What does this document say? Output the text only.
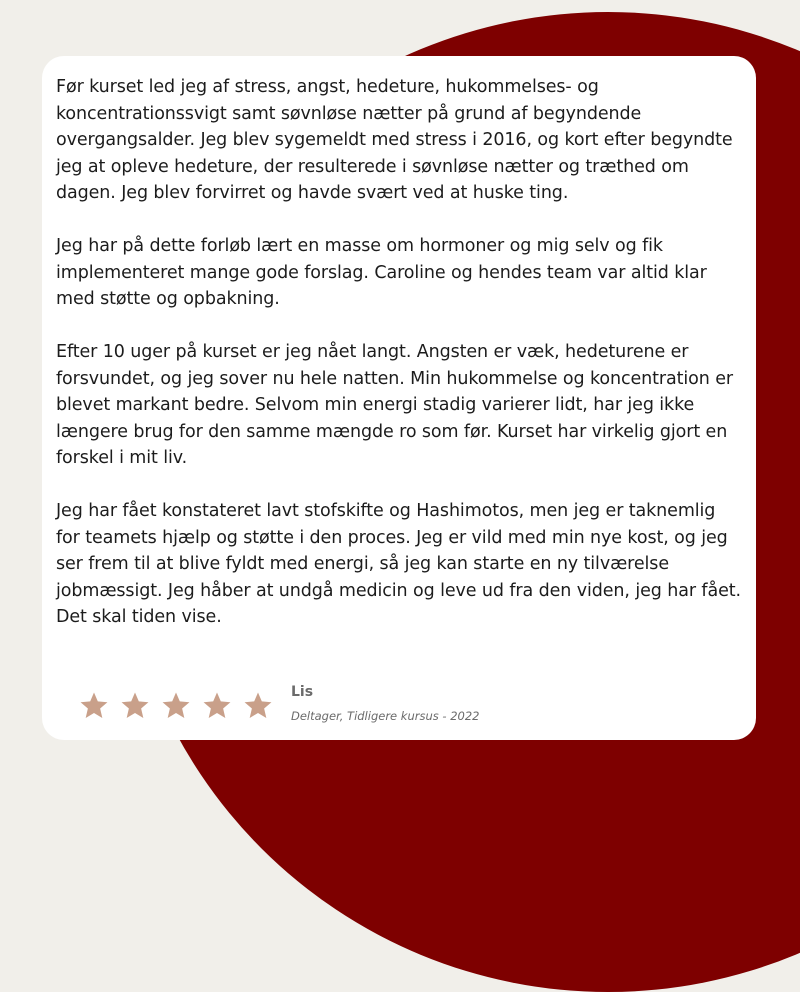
Før kurset led jeg af stress, angst, hedeture, hukommelses- og koncentrationssvigt samt søvnløse nætter på grund af begyndende overgangsalder. Jeg blev sygemeldt med stress i 2016, og kort efter begyndte jeg at opleve hedeture, der resulterede i søvnløse nætter og træthed om dagen. Jeg blev forvirret og havde svært ved at huske ting.

Jeg har på dette forløb lært en masse om hormoner og mig selv og fik implementeret mange gode forslag. Caroline og hendes team var altid klar med støtte og opbakning.

Efter 10 uger på kurset er jeg nået langt. Angsten er væk, hedeturene er forsvundet, og jeg sover nu hele natten. Min hukommelse og koncentration er blevet markant bedre. Selvom min energi stadig varierer lidt, har jeg ikke længere brug for den samme mængde ro som før. Kurset har virkelig gjort en forskel i mit liv.

Jeg har fået konstateret lavt stofskifte og Hashimotos, men jeg er taknemlig for teamets hjælp og støtte i den proces. Jeg er vild med min nye kost, og jeg ser frem til at blive fyldt med energi, så jeg kan starte en ny tilværelse jobmæssigt. Jeg håber at undgå medicin og leve ud fra den viden, jeg har fået. Det skal tiden vise.

Lis
Deltager, Tidligere kursus - 2022
